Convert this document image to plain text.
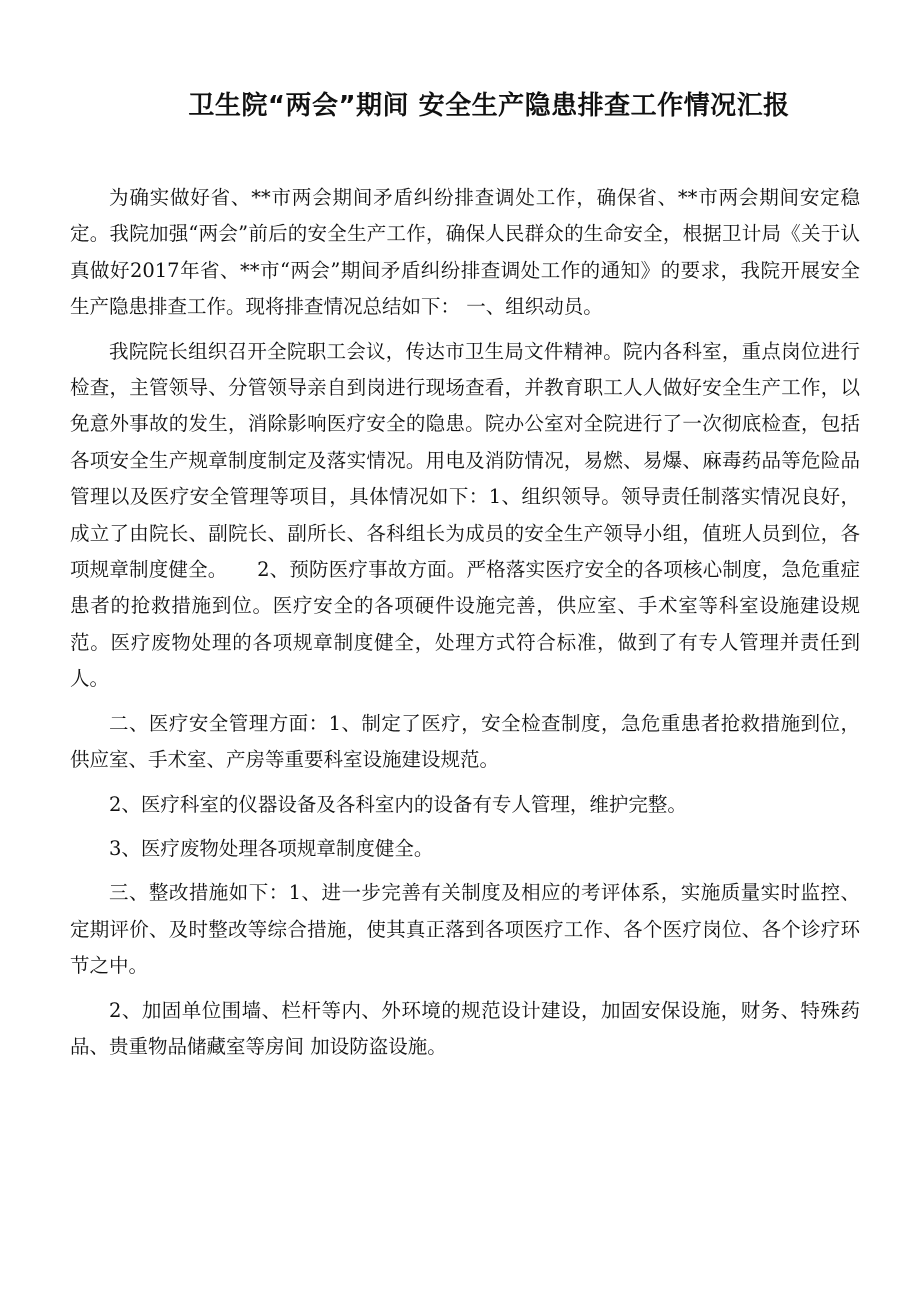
卫生院“两会”期间 安全生产隐患排查工作情况汇报

为确实做好省、**市两会期间矛盾纠纷排查调处工作，确保省、**市两会期间安定稳定。我院加强“两会”前后的安全生产工作，确保人民群众的生命安全，根据卫计局《关于认真做好2017年省、**市“两会”期间矛盾纠纷排查调处工作的通知》的要求，我院开展安全生产隐患排查工作。现将排查情况总结如下： 一、组织动员。

我院院长组织召开全院职工会议，传达市卫生局文件精神。院内各科室，重点岗位进行检查，主管领导、分管领导亲自到岗进行现场查看，并教育职工人人做好安全生产工作，以免意外事故的发生，消除影响医疗安全的隐患。院办公室对全院进行了一次彻底检查，包括各项安全生产规章制度制定及落实情况。用电及消防情况，易燃、易爆、麻毒药品等危险品管理以及医疗安全管理等项目，具体情况如下：1、组织领导。领导责任制落实情况良好，成立了由院长、副院长、副所长、各科组长为成员的安全生产领导小组，值班人员到位，各项规章制度健全。　　2、预防医疗事故方面。严格落实医疗安全的各项核心制度，急危重症患者的抢救措施到位。医疗安全的各项硬件设施完善，供应室、手术室等科室设施建设规范。医疗废物处理的各项规章制度健全，处理方式符合标准，做到了有专人管理并责任到人。

二、医疗安全管理方面：1、制定了医疗，安全检查制度，急危重患者抢救措施到位，供应室、手术室、产房等重要科室设施建设规范。

2、医疗科室的仪器设备及各科室内的设备有专人管理，维护完整。

3、医疗废物处理各项规章制度健全。

三、整改措施如下：1、进一步完善有关制度及相应的考评体系，实施质量实时监控、定期评价、及时整改等综合措施，使其真正落到各项医疗工作、各个医疗岗位、各个诊疗环节之中。

2、加固单位围墙、栏杆等内、外环境的规范设计建设，加固安保设施，财务、特殊药品、贵重物品储藏室等房间 加设防盗设施。
